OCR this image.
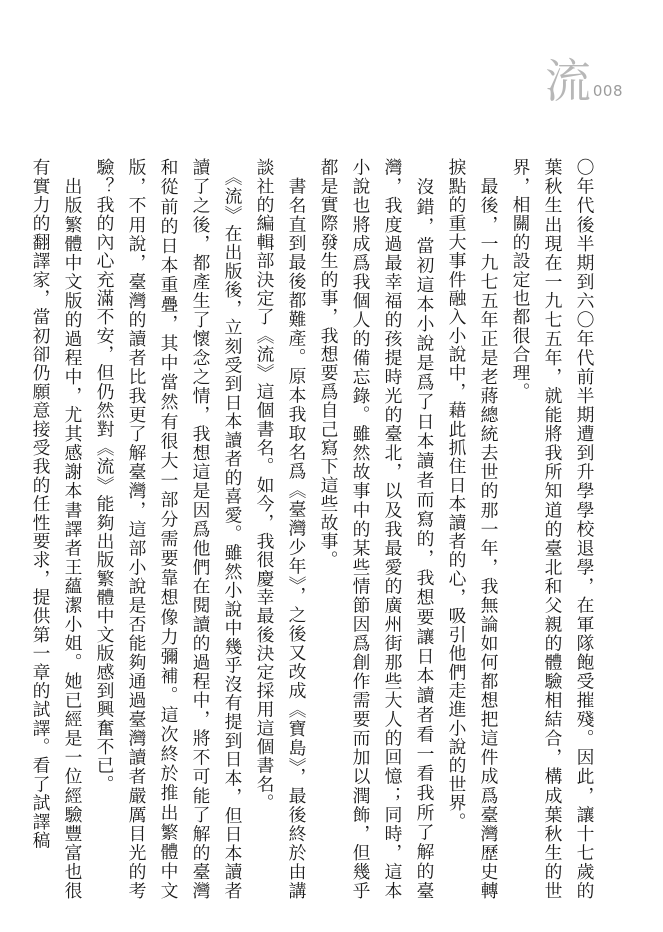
流 008

〇年代後半期到六〇年代前半期遭到升學學校退學，在軍隊飽受摧殘。因此，讓十七歲的葉秋生出現在一九七五年，就能將我所知道的臺北和父親的體驗相結合，構成葉秋生的世界，相關的設定也都很合理。

　最後，一九七五年正是老蔣總統去世的那一年，我無論如何都想把這件成爲臺灣歷史轉捩點的重大事件融入小說中，藉此抓住日本讀者的心，吸引他們走進小說的世界。

　沒錯，當初這本小說是爲了日本讀者而寫的，我想要讓日本讀者看一看我所了解的臺灣，我度過最幸福的孩提時光的臺北，以及我最愛的廣州街那些大人的回憶；同時，這本小說也將成爲我個人的備忘錄。雖然故事中的某些情節因爲創作需要而加以潤飾，但幾乎都是實際發生的事，我想要爲自己寫下這些故事。

　書名直到最後都難產。原本我取名爲《臺灣少年》，之後又改成《寶島》，最後終於由講談社的編輯部決定了《流》這個書名。如今，我很慶幸最後決定採用這個書名。

　《流》在出版後，立刻受到日本讀者的喜愛。雖然小說中幾乎沒有提到日本，但日本讀者讀了之後，都產生了懷念之情，我想這是因爲他們在閱讀的過程中，將不可能了解的臺灣和從前的日本重疊，其中當然有很大一部分需要靠想像力彌補。這次終於推出繁體中文版，不用說，臺灣的讀者比我更了解臺灣，這部小說是否能夠通過臺灣讀者嚴厲目光的考驗？我的內心充滿不安，但仍然對《流》能夠出版繁體中文版感到興奮不已。

　出版繁體中文版的過程中，尤其感謝本書譯者王蘊潔小姐。她已經是一位經驗豐富也很有實力的翻譯家，當初卻仍願意接受我的任性要求，提供第一章的試譯。看了試譯稿
